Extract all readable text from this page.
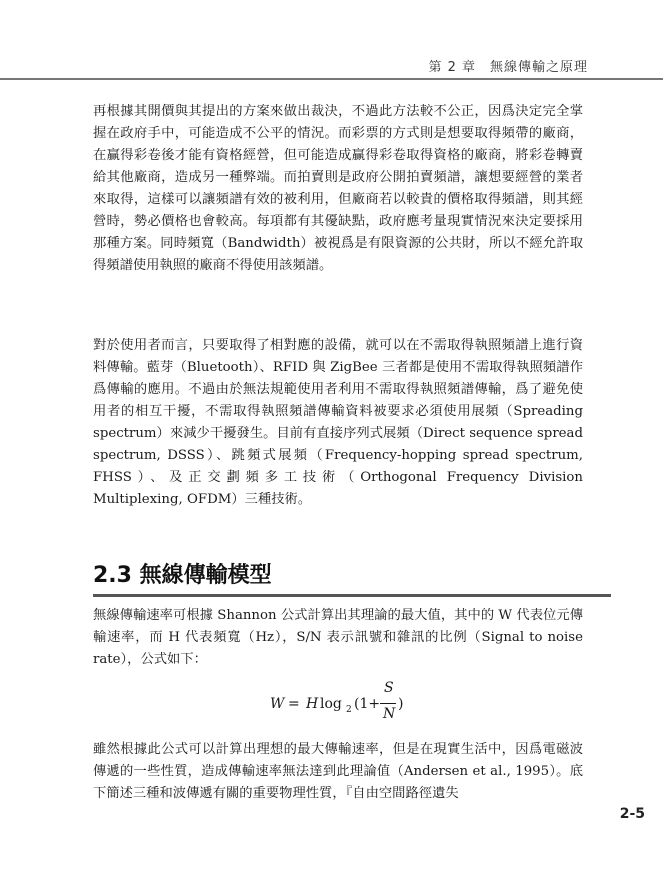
第 2 章　無線傳輸之原理

再根據其開價與其提出的方案來做出裁決，不過此方法較不公正，因爲決定完全掌握在政府手中，可能造成不公平的情況。而彩票的方式則是想要取得頻帶的廠商，在贏得彩卷後才能有資格經營，但可能造成贏得彩卷取得資格的廠商，將彩卷轉賣給其他廠商，造成另一種弊端。而拍賣則是政府公開拍賣頻譜，讓想要經營的業者來取得，這樣可以讓頻譜有效的被利用，但廠商若以較貴的價格取得頻譜，則其經營時，勢必價格也會較高。每項都有其優缺點，政府應考量現實情況來決定要採用那種方案。同時頻寬（Bandwidth）被視爲是有限資源的公共財，所以不經允許取得頻譜使用執照的廠商不得使用該頻譜。

對於使用者而言，只要取得了相對應的設備，就可以在不需取得執照頻譜上進行資料傳輸。藍芽（Bluetooth）、RFID 與 ZigBee 三者都是使用不需取得執照頻譜作爲傳輸的應用。不過由於無法規範使用者利用不需取得執照頻譜傳輸，爲了避免使用者的相互干擾，不需取得執照頻譜傳輸資料被要求必須使用展頻（Spreading spectrum）來減少干擾發生。目前有直接序列式展頻（Direct sequence spread spectrum, DSSS）、跳頻式展頻（Frequency-hopping spread spectrum, FHSS）、及正交劃頻多工技術（Orthogonal Frequency Division Multiplexing, OFDM）三種技術。

2.3 無線傳輸模型

無線傳輸速率可根據 Shannon 公式計算出其理論的最大值，其中的 W 代表位元傳輸速率，而 H 代表頻寬（Hz），S/N 表示訊號和雜訊的比例（Signal to noise rate），公式如下：

W = H log 2 (1+
S
N
)

雖然根據此公式可以計算出理想的最大傳輸速率，但是在現實生活中，因爲電磁波傳遞的一些性質，造成傳輸速率無法達到此理論值（Andersen et al., 1995）。底下簡述三種和波傳遞有關的重要物理性質，『自由空間路徑遺失

2-5
